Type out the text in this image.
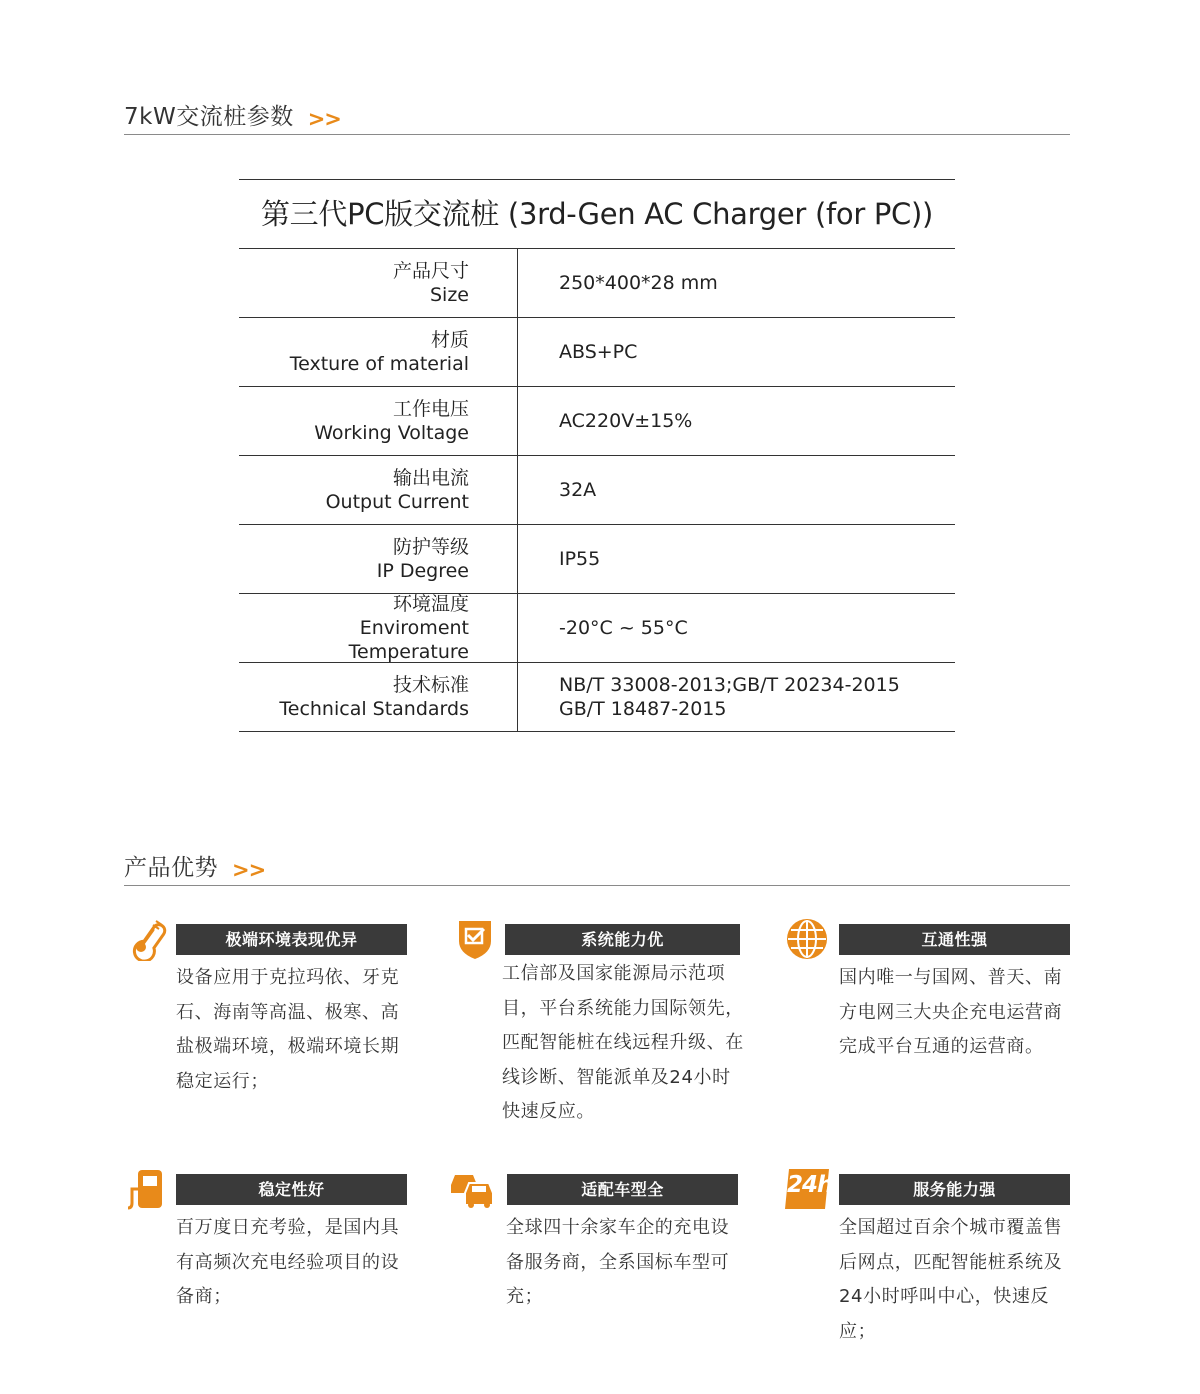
7kW交流桩参数 >>
第三代PC版交流桩 (3rd-Gen AC Charger (for PC))
产品尺寸
Size
250*400*28 mm
材质
Texture of material
ABS+PC
工作电压
Working Voltage
AC220V±15%
输出电流
Output Current
32A
防护等级
IP Degree
IP55
环境温度
Enviroment Temperature
-20°C ~ 55°C
技术标准
Technical Standards
NB/T 33008-2013;GB/T 20234-2015
GB/T 18487-2015
产品优势 >>
极端环境表现优异
设备应用于克拉玛依、牙克石、海南等高温、极寒、高盐极端环境，极端环境长期稳定运行；
系统能力优
工信部及国家能源局示范项目，平台系统能力国际领先，匹配智能桩在线远程升级、在线诊断、智能派单及24小时快速反应。
互通性强
国内唯一与国网、普天、南方电网三大央企充电运营商完成平台互通的运营商。
稳定性好
百万度日充考验，是国内具有高频次充电经验项目的设备商；
适配车型全
全球四十余家车企的充电设备服务商，全系国标车型可充；
24h	服务能力强
全国超过百余个城市覆盖售后网点，匹配智能桩系统及24小时呼叫中心，快速反应；
